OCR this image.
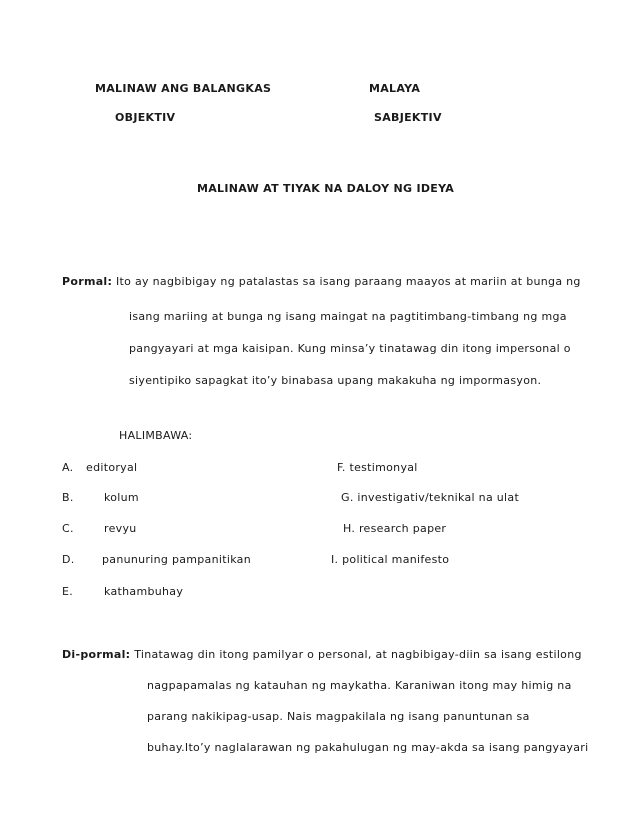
MALINAW ANG BALANGKAS	MALAYA
OBJEKTIV	SABJEKTIV
MALINAW AT TIYAK NA DALOY NG IDEYA
Pormal: Ito ay nagbibigay ng patalastas sa isang paraang maayos at mariin at bunga ng
isang mariing at bunga ng isang maingat na pagtitimbang-timbang ng mga
pangyayari at mga kaisipan. Kung minsa’y tinatawag din itong impersonal o
siyentipiko sapagkat ito’y binabasa upang makakuha ng impormasyon.
HALIMBAWA:
A. editoryal	F. testimonyal
B.	kolum	G. investigativ/teknikal na ulat
C.	revyu	H. research paper
D. panunuring pampanitikan	I. political manifesto
E.	kathambuhay
Di-pormal: Tinatawag din itong pamilyar o personal, at nagbibigay-diin sa isang estilong
nagpapamalas ng katauhan ng maykatha. Karaniwan itong may himig na
parang nakikipag-usap. Nais magpakilala ng isang panuntunan sa
buhay.Ito’y naglalarawan ng pakahulugan ng may-akda sa isang pangyayari
